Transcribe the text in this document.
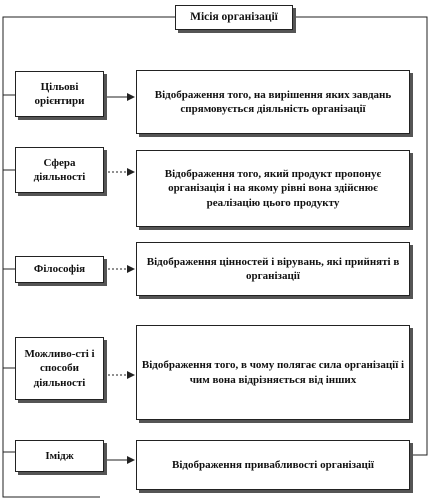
Місія організації
Цільові орієнтири
Відображення того, на вирішення яких завдань спрямовується діяльність організації
Сфера діяльності	Відображення того, який продукт пропонує організація і на якому рівні вона здійснює реалізацію цього продукту
Філософія
Відображення цінностей і вірувань, які прийняті в організації
Можливо-сті і способи діяльності
Відображення того, в чому полягає сила організації і чим вона відрізняється від інших
Імідж
Відображення привабливості організації
